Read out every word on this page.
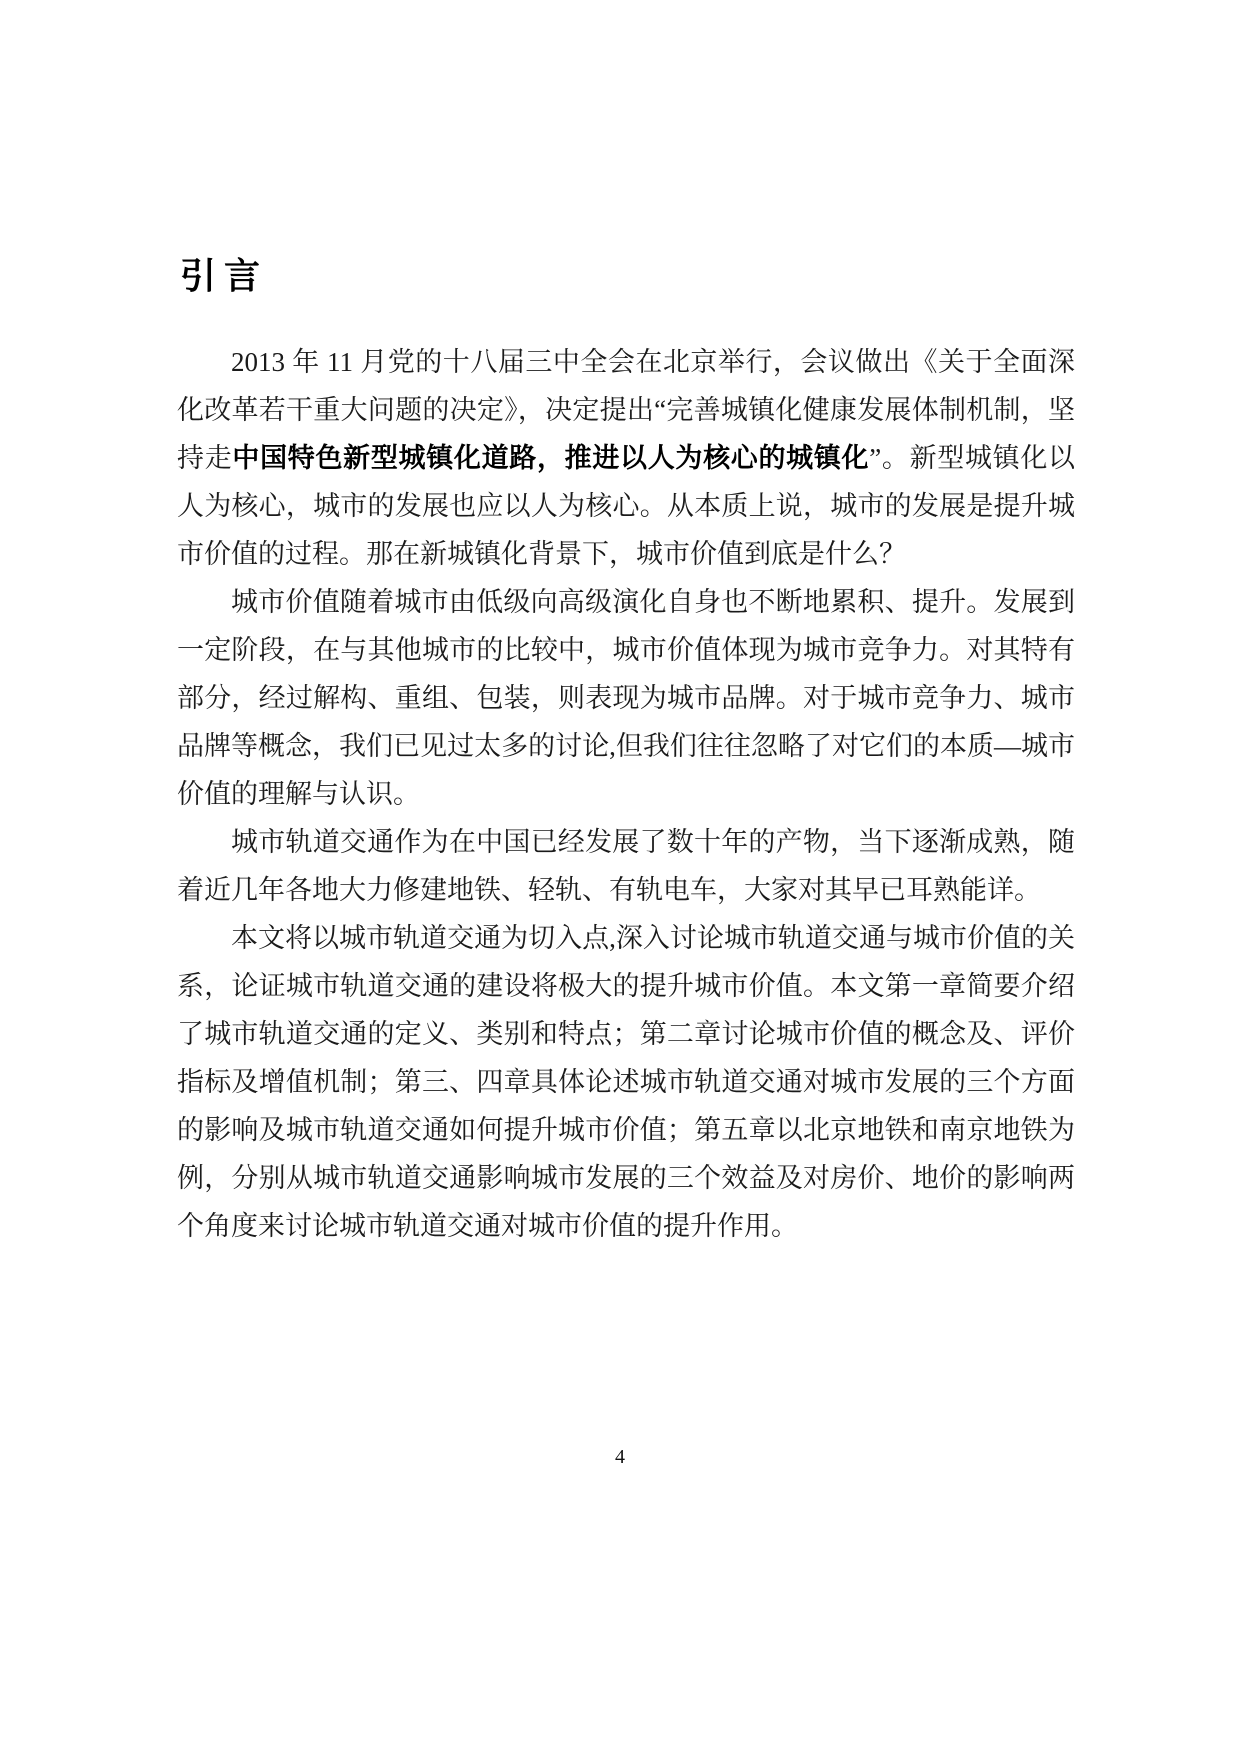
引言

2013 年 11 月党的十八届三中全会在北京举行，会议做出《关于全面深化改革若干重大问题的决定》，决定提出“完善城镇化健康发展体制机制，坚持走中国特色新型城镇化道路，推进以人为核心的城镇化”。新型城镇化以人为核心，城市的发展也应以人为核心。从本质上说，城市的发展是提升城市价值的过程。那在新城镇化背景下，城市价值到底是什么？

城市价值随着城市由低级向高级演化自身也不断地累积、提升。发展到一定阶段，在与其他城市的比较中，城市价值体现为城市竞争力。对其特有部分，经过解构、重组、包装，则表现为城市品牌。对于城市竞争力、城市品牌等概念，我们已见过太多的讨论,但我们往往忽略了对它们的本质—城市价值的理解与认识。

城市轨道交通作为在中国已经发展了数十年的产物，当下逐渐成熟，随着近几年各地大力修建地铁、轻轨、有轨电车，大家对其早已耳熟能详。

本文将以城市轨道交通为切入点,深入讨论城市轨道交通与城市价值的关系，论证城市轨道交通的建设将极大的提升城市价值。本文第一章简要介绍了城市轨道交通的定义、类别和特点；第二章讨论城市价值的概念及、评价指标及增值机制；第三、四章具体论述城市轨道交通对城市发展的三个方面的影响及城市轨道交通如何提升城市价值；第五章以北京地铁和南京地铁为例，分别从城市轨道交通影响城市发展的三个效益及对房价、地价的影响两个角度来讨论城市轨道交通对城市价值的提升作用。

4
